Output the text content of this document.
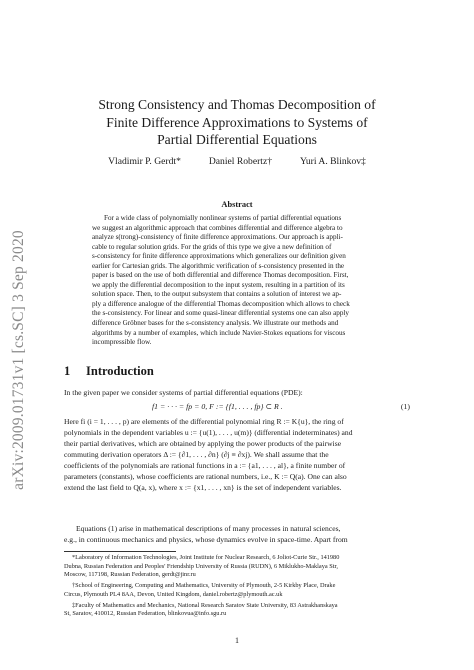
arXiv:2009.01731v1 [cs.SC] 3 Sep 2020
Strong Consistency and Thomas Decomposition of
Finite Difference Approximations to Systems of
Partial Differential Equations
Vladimir P. Gerdt*	Daniel Robertz†	Yuri A. Blinkov‡
Abstract
For a wide class of polynomially nonlinear systems of partial differential equations
we suggest an algorithmic approach that combines differential and difference algebra to
analyze s(trong)-consistency of finite difference approximations. Our approach is appli-
cable to regular solution grids. For the grids of this type we give a new definition of
s-consistency for finite difference approximations which generalizes our definition given
earlier for Cartesian grids. The algorithmic verification of s-consistency presented in the
paper is based on the use of both differential and difference Thomas decomposition. First,
we apply the differential decomposition to the input system, resulting in a partition of its
solution space. Then, to the output subsystem that contains a solution of interest we ap-
ply a difference analogue of the differential Thomas decomposition which allows to check
the s-consistency. For linear and some quasi-linear differential systems one can also apply
difference Gröbner bases for the s-consistency analysis. We illustrate our methods and
algorithms by a number of examples, which include Navier-Stokes equations for viscous
incompressible flow.
1 Introduction
In the given paper we consider systems of partial differential equations (PDE):
f1 = · · · = fp = 0, F := {f1, . . . , fp} ⊂ R .	(1)
Here fi (i = 1, . . . , p) are elements of the differential polynomial ring R := K{u}, the ring of
polynomials in the dependent variables u := {u(1), . . . , u(m)} (differential indeterminates) and
their partial derivatives, which are obtained by applying the power products of the pairwise
commuting derivation operators Δ := {∂1, . . . , ∂n} (∂j ≡ ∂xj). We shall assume that the
coefficients of the polynomials are rational functions in a := {a1, . . . , al}, a finite number of
parameters (constants), whose coefficients are rational numbers, i.e., K := Q(a). One can also
extend the last field to Q(a, x), where x := {x1, . . . , xn} is the set of independent variables.
Equations (1) arise in mathematical descriptions of many processes in natural sciences,
e.g., in continuous mechanics and physics, whose dynamics evolve in space-time. Apart from
*Laboratory of Information Technologies, Joint Institute for Nuclear Research, 6 Joliot-Curie Str., 141980
Dubna, Russian Federation and Peoples' Friendship University of Russia (RUDN), 6 Miklukho-Maklaya Str,
Moscow, 117198, Russian Federation, gerdt@jinr.ru
†School of Engineering, Computing and Mathematics, University of Plymouth, 2-5 Kirkby Place, Drake
Circus, Plymouth PL4 8AA, Devon, United Kingdom, daniel.robertz@plymouth.ac.uk
‡Faculty of Mathematics and Mechanics, National Research Saratov State University, 83 Astrakhanskaya
St, Saratov, 410012, Russian Federation, blinkovua@info.sgu.ru
1
